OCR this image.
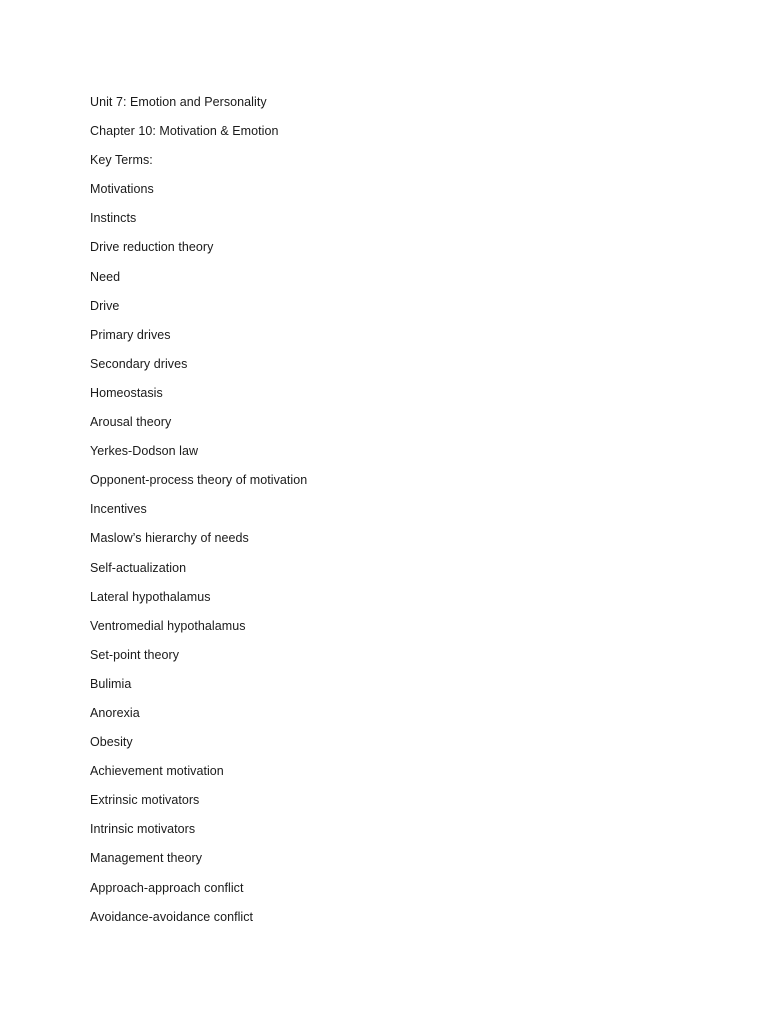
Unit 7: Emotion and Personality
Chapter 10: Motivation & Emotion
Key Terms:
Motivations
Instincts
Drive reduction theory
Need
Drive
Primary drives
Secondary drives
Homeostasis
Arousal theory
Yerkes-Dodson law
Opponent-process theory of motivation
Incentives
Maslow’s hierarchy of needs
Self-actualization
Lateral hypothalamus
Ventromedial hypothalamus
Set-point theory
Bulimia
Anorexia
Obesity
Achievement motivation
Extrinsic motivators
Intrinsic motivators
Management theory
Approach-approach conflict
Avoidance-avoidance conflict
